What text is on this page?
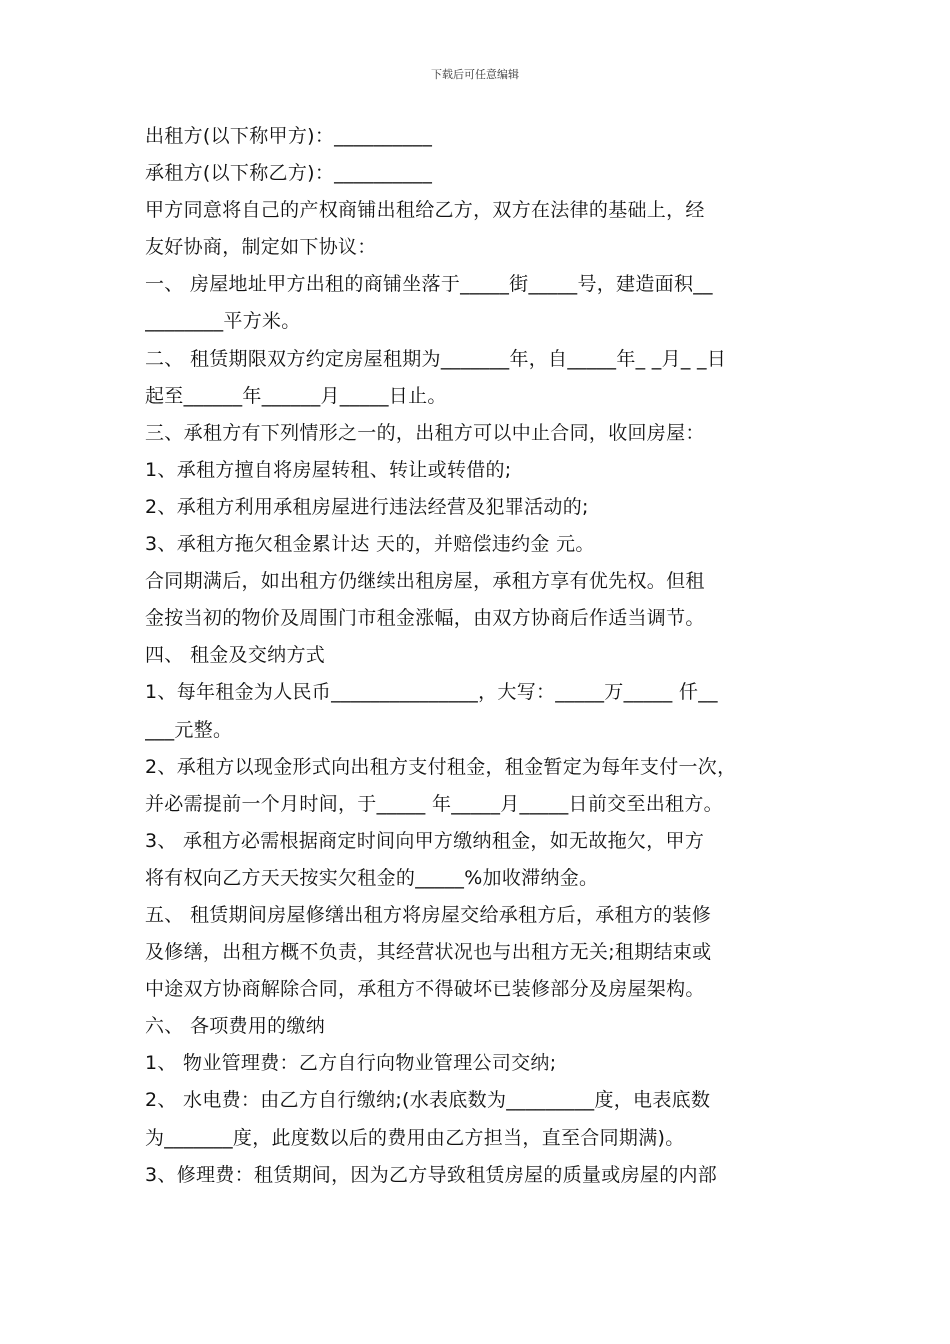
下载后可任意编辑
出租方(以下称甲方)：__________
承租方(以下称乙方)：__________
甲方同意将自己的产权商铺出租给乙方，双方在法律的基础上，经
友好协商，制定如下协议：
一、 房屋地址甲方出租的商铺坐落于_____街_____号，建造面积__
________平方米。
二、 租赁期限双方约定房屋租期为_______年，自_____年_ _月_ _日
起至______年______月_____日止。
三、承租方有下列情形之一的，出租方可以中止合同，收回房屋：
1、承租方擅自将房屋转租、转让或转借的;
2、承租方利用承租房屋进行违法经营及犯罪活动的;
3、承租方拖欠租金累计达 天的，并赔偿违约金 元。
合同期满后，如出租方仍继续出租房屋，承租方享有优先权。但租
金按当初的物价及周围门市租金涨幅，由双方协商后作适当调节。
四、 租金及交纳方式
1、每年租金为人民币_______________，大写：_____万_____ 仟__
___元整。
2、承租方以现金形式向出租方支付租金，租金暂定为每年支付一次，
并必需提前一个月时间，于_____ 年_____月_____日前交至出租方。
3、 承租方必需根据商定时间向甲方缴纳租金，如无故拖欠，甲方
将有权向乙方天天按实欠租金的_____%加收滞纳金。
五、 租赁期间房屋修缮出租方将房屋交给承租方后，承租方的装修
及修缮，出租方概不负责，其经营状况也与出租方无关;租期结束或
中途双方协商解除合同，承租方不得破坏已装修部分及房屋架构。
六、 各项费用的缴纳
1、 物业管理费：乙方自行向物业管理公司交纳;
2、 水电费：由乙方自行缴纳;(水表底数为_________度，电表底数
为_______度，此度数以后的费用由乙方担当，直至合同期满)。
3、修理费：租赁期间，因为乙方导致租赁房屋的质量或房屋的内部
